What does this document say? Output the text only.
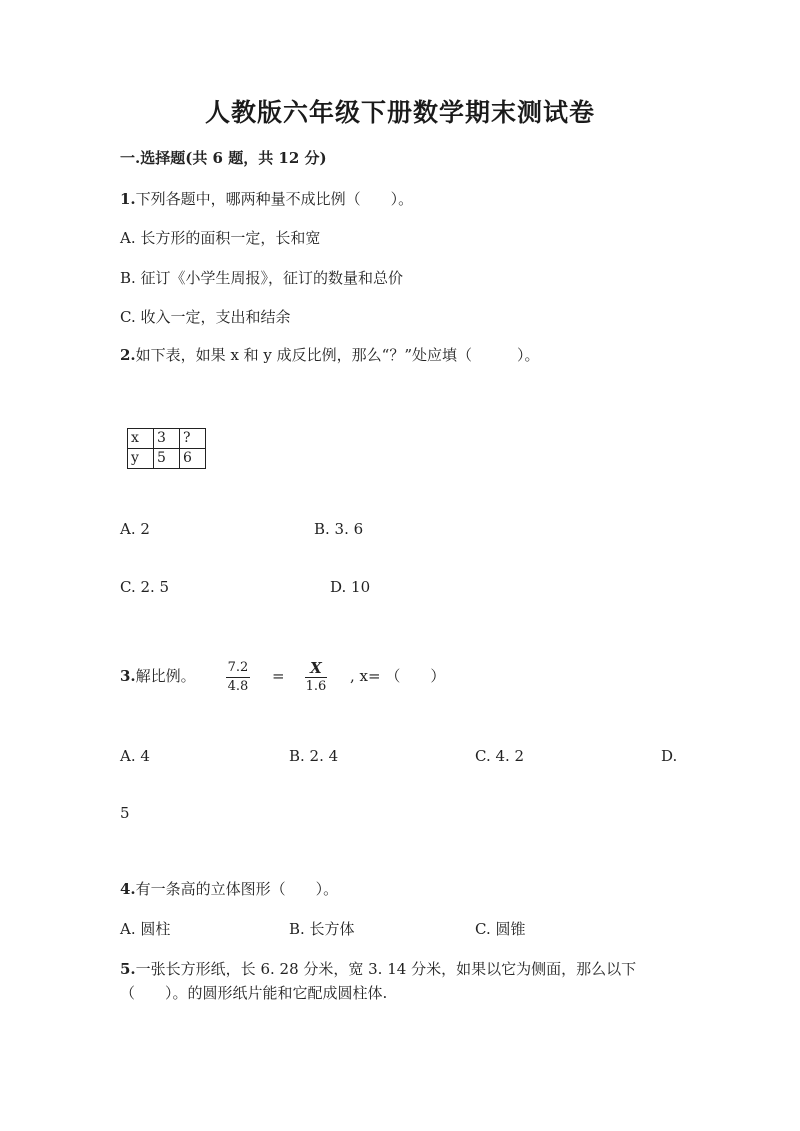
人教版六年级下册数学期末测试卷
一.选择题(共 6 题，共 12 分)
1.下列各题中，哪两种量不成比例（　　）。
A. 长方形的面积一定，长和宽
B. 征订《小学生周报》，征订的数量和总价
C. 收入一定，支出和结余
2.如下表，如果 x 和 y 成反比例，那么“？”处应填（　　　）。
x	3	?
y	5	6
A. 2	B. 3. 6
C. 2. 5	D. 10
3.解比例。 7.2
4.8
=	X
1.6
, x= （　　）
A. 4	B. 2. 4	C. 4. 2	D.
5
4.有一条高的立体图形（　　）。
A. 圆柱	B. 长方体	C. 圆锥
5.一张长方形纸，长 6. 28 分米，宽 3. 14 分米，如果以它为侧面，那么以下
（　　）。的圆形纸片能和它配成圆柱体.
